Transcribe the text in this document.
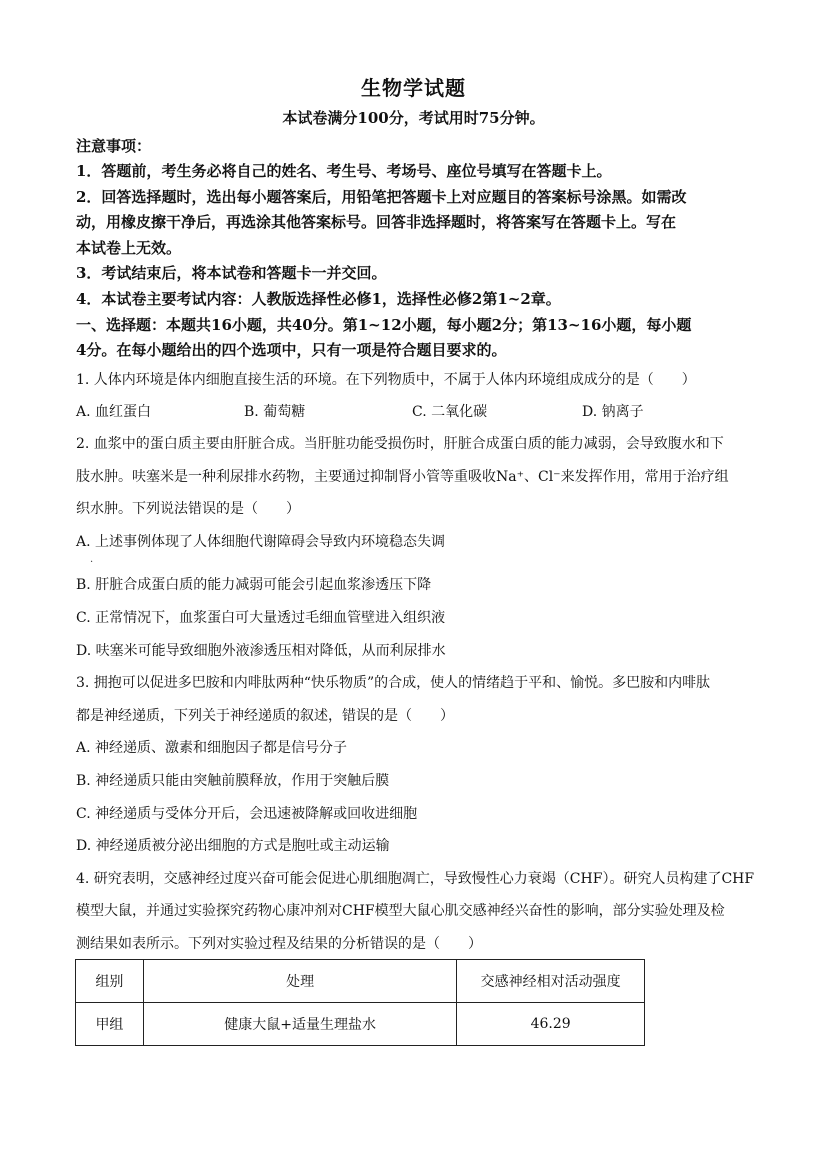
生物学试题
本试卷满分100分，考试用时75分钟。
注意事项：
1．答题前，考生务必将自己的姓名、考生号、考场号、座位号填写在答题卡上。
2．回答选择题时，选出每小题答案后，用铅笔把答题卡上对应题目的答案标号涂黑。如需改
动，用橡皮擦干净后，再选涂其他答案标号。回答非选择题时，将答案写在答题卡上。写在
本试卷上无效。
3．考试结束后，将本试卷和答题卡一并交回。
4．本试卷主要考试内容：人教版选择性必修1，选择性必修2第1~2章。
一、选择题：本题共16小题，共40分。第1~12小题，每小题2分；第13~16小题，每小题
4分。在每小题给出的四个选项中，只有一项是符合题目要求的。
1. 人体内环境是体内细胞直接生活的环境。在下列物质中，不属于人体内环境组成成分的是（　　）
A. 血红蛋白	B. 葡萄糖	C. 二氧化碳	D. 钠离子
2. 血浆中的蛋白质主要由肝脏合成。当肝脏功能受损伤时，肝脏合成蛋白质的能力减弱，会导致腹水和下
肢水肿。呋塞米是一种利尿排水药物，主要通过抑制肾小管等重吸收Na⁺、Cl⁻来发挥作用，常用于治疗组
织水肿。下列说法错误的是（　　）
A. 上述事例体现了人体细胞代谢障碍会导致内环境稳态失调
·
B. 肝脏合成蛋白质的能力减弱可能会引起血浆渗透压下降
C. 正常情况下，血浆蛋白可大量透过毛细血管壁进入组织液
D. 呋塞米可能导致细胞外液渗透压相对降低，从而利尿排水
3. 拥抱可以促进多巴胺和内啡肽两种“快乐物质”的合成，使人的情绪趋于平和、愉悦。多巴胺和内啡肽
都是神经递质，下列关于神经递质的叙述，错误的是（　　）
A. 神经递质、激素和细胞因子都是信号分子
B. 神经递质只能由突触前膜释放，作用于突触后膜
C. 神经递质与受体分开后，会迅速被降解或回收进细胞
D. 神经递质被分泌出细胞的方式是胞吐或主动运输
4. 研究表明，交感神经过度兴奋可能会促进心肌细胞凋亡，导致慢性心力衰竭（CHF）。研究人员构建了CHF
模型大鼠，并通过实验探究药物心康冲剂对CHF模型大鼠心肌交感神经兴奋性的影响，部分实验处理及检
测结果如表所示。下列对实验过程及结果的分析错误的是（　　）
组别	处理	交感神经相对活动强度
甲组	健康大鼠+适量生理盐水	46.29
